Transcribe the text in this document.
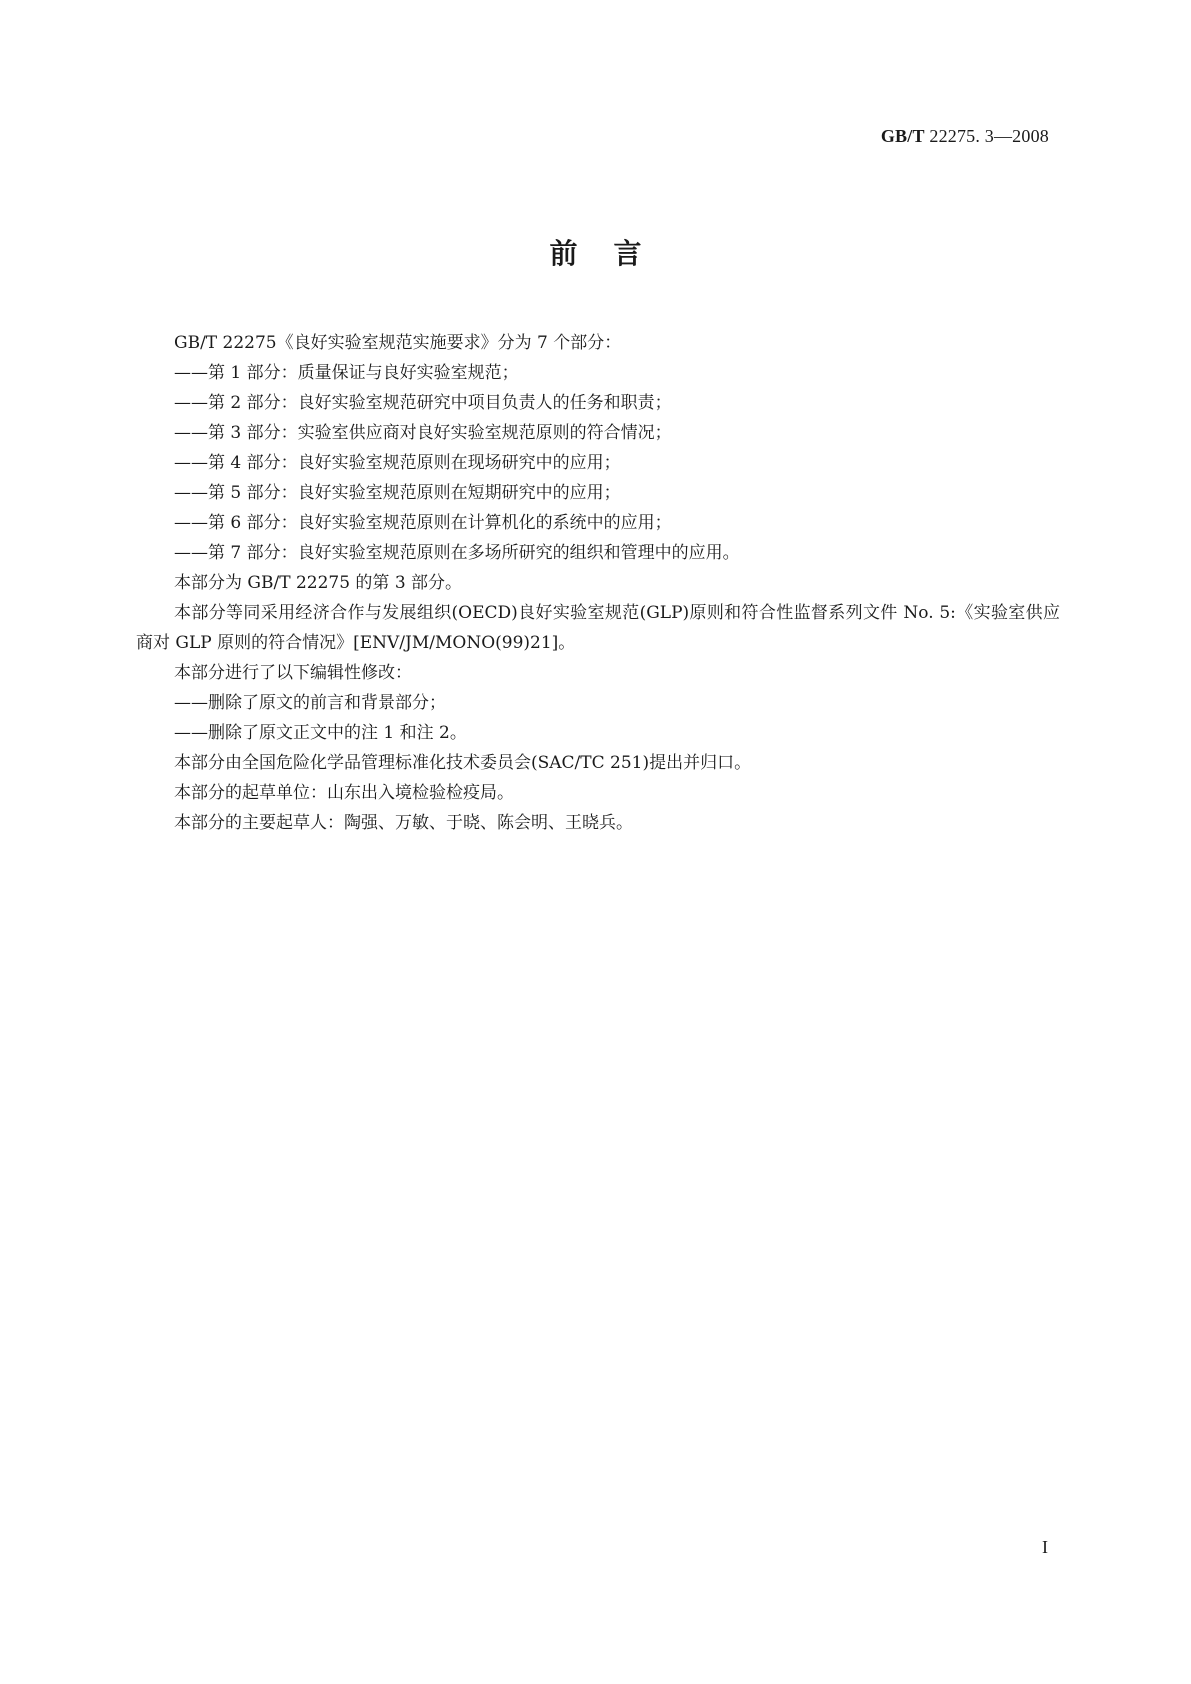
GB/T 22275. 3—2008
前言

GB/T 22275《良好实验室规范实施要求》分为 7 个部分：

——第 1 部分：质量保证与良好实验室规范；

——第 2 部分：良好实验室规范研究中项目负责人的任务和职责；

——第 3 部分：实验室供应商对良好实验室规范原则的符合情况；

——第 4 部分：良好实验室规范原则在现场研究中的应用；

——第 5 部分：良好实验室规范原则在短期研究中的应用；

——第 6 部分：良好实验室规范原则在计算机化的系统中的应用；

——第 7 部分：良好实验室规范原则在多场所研究的组织和管理中的应用。

本部分为 GB/T 22275 的第 3 部分。

本部分等同采用经济合作与发展组织(OECD)良好实验室规范(GLP)原则和符合性监督系列文件 No. 5:《实验室供应商对 GLP 原则的符合情况》[ENV/JM/MONO(99)21]。

本部分进行了以下编辑性修改：

——删除了原文的前言和背景部分；

——删除了原文正文中的注 1 和注 2。

本部分由全国危险化学品管理标准化技术委员会(SAC/TC 251)提出并归口。

本部分的起草单位：山东出入境检验检疫局。

本部分的主要起草人：陶强、万敏、于晓、陈会明、王晓兵。

I
